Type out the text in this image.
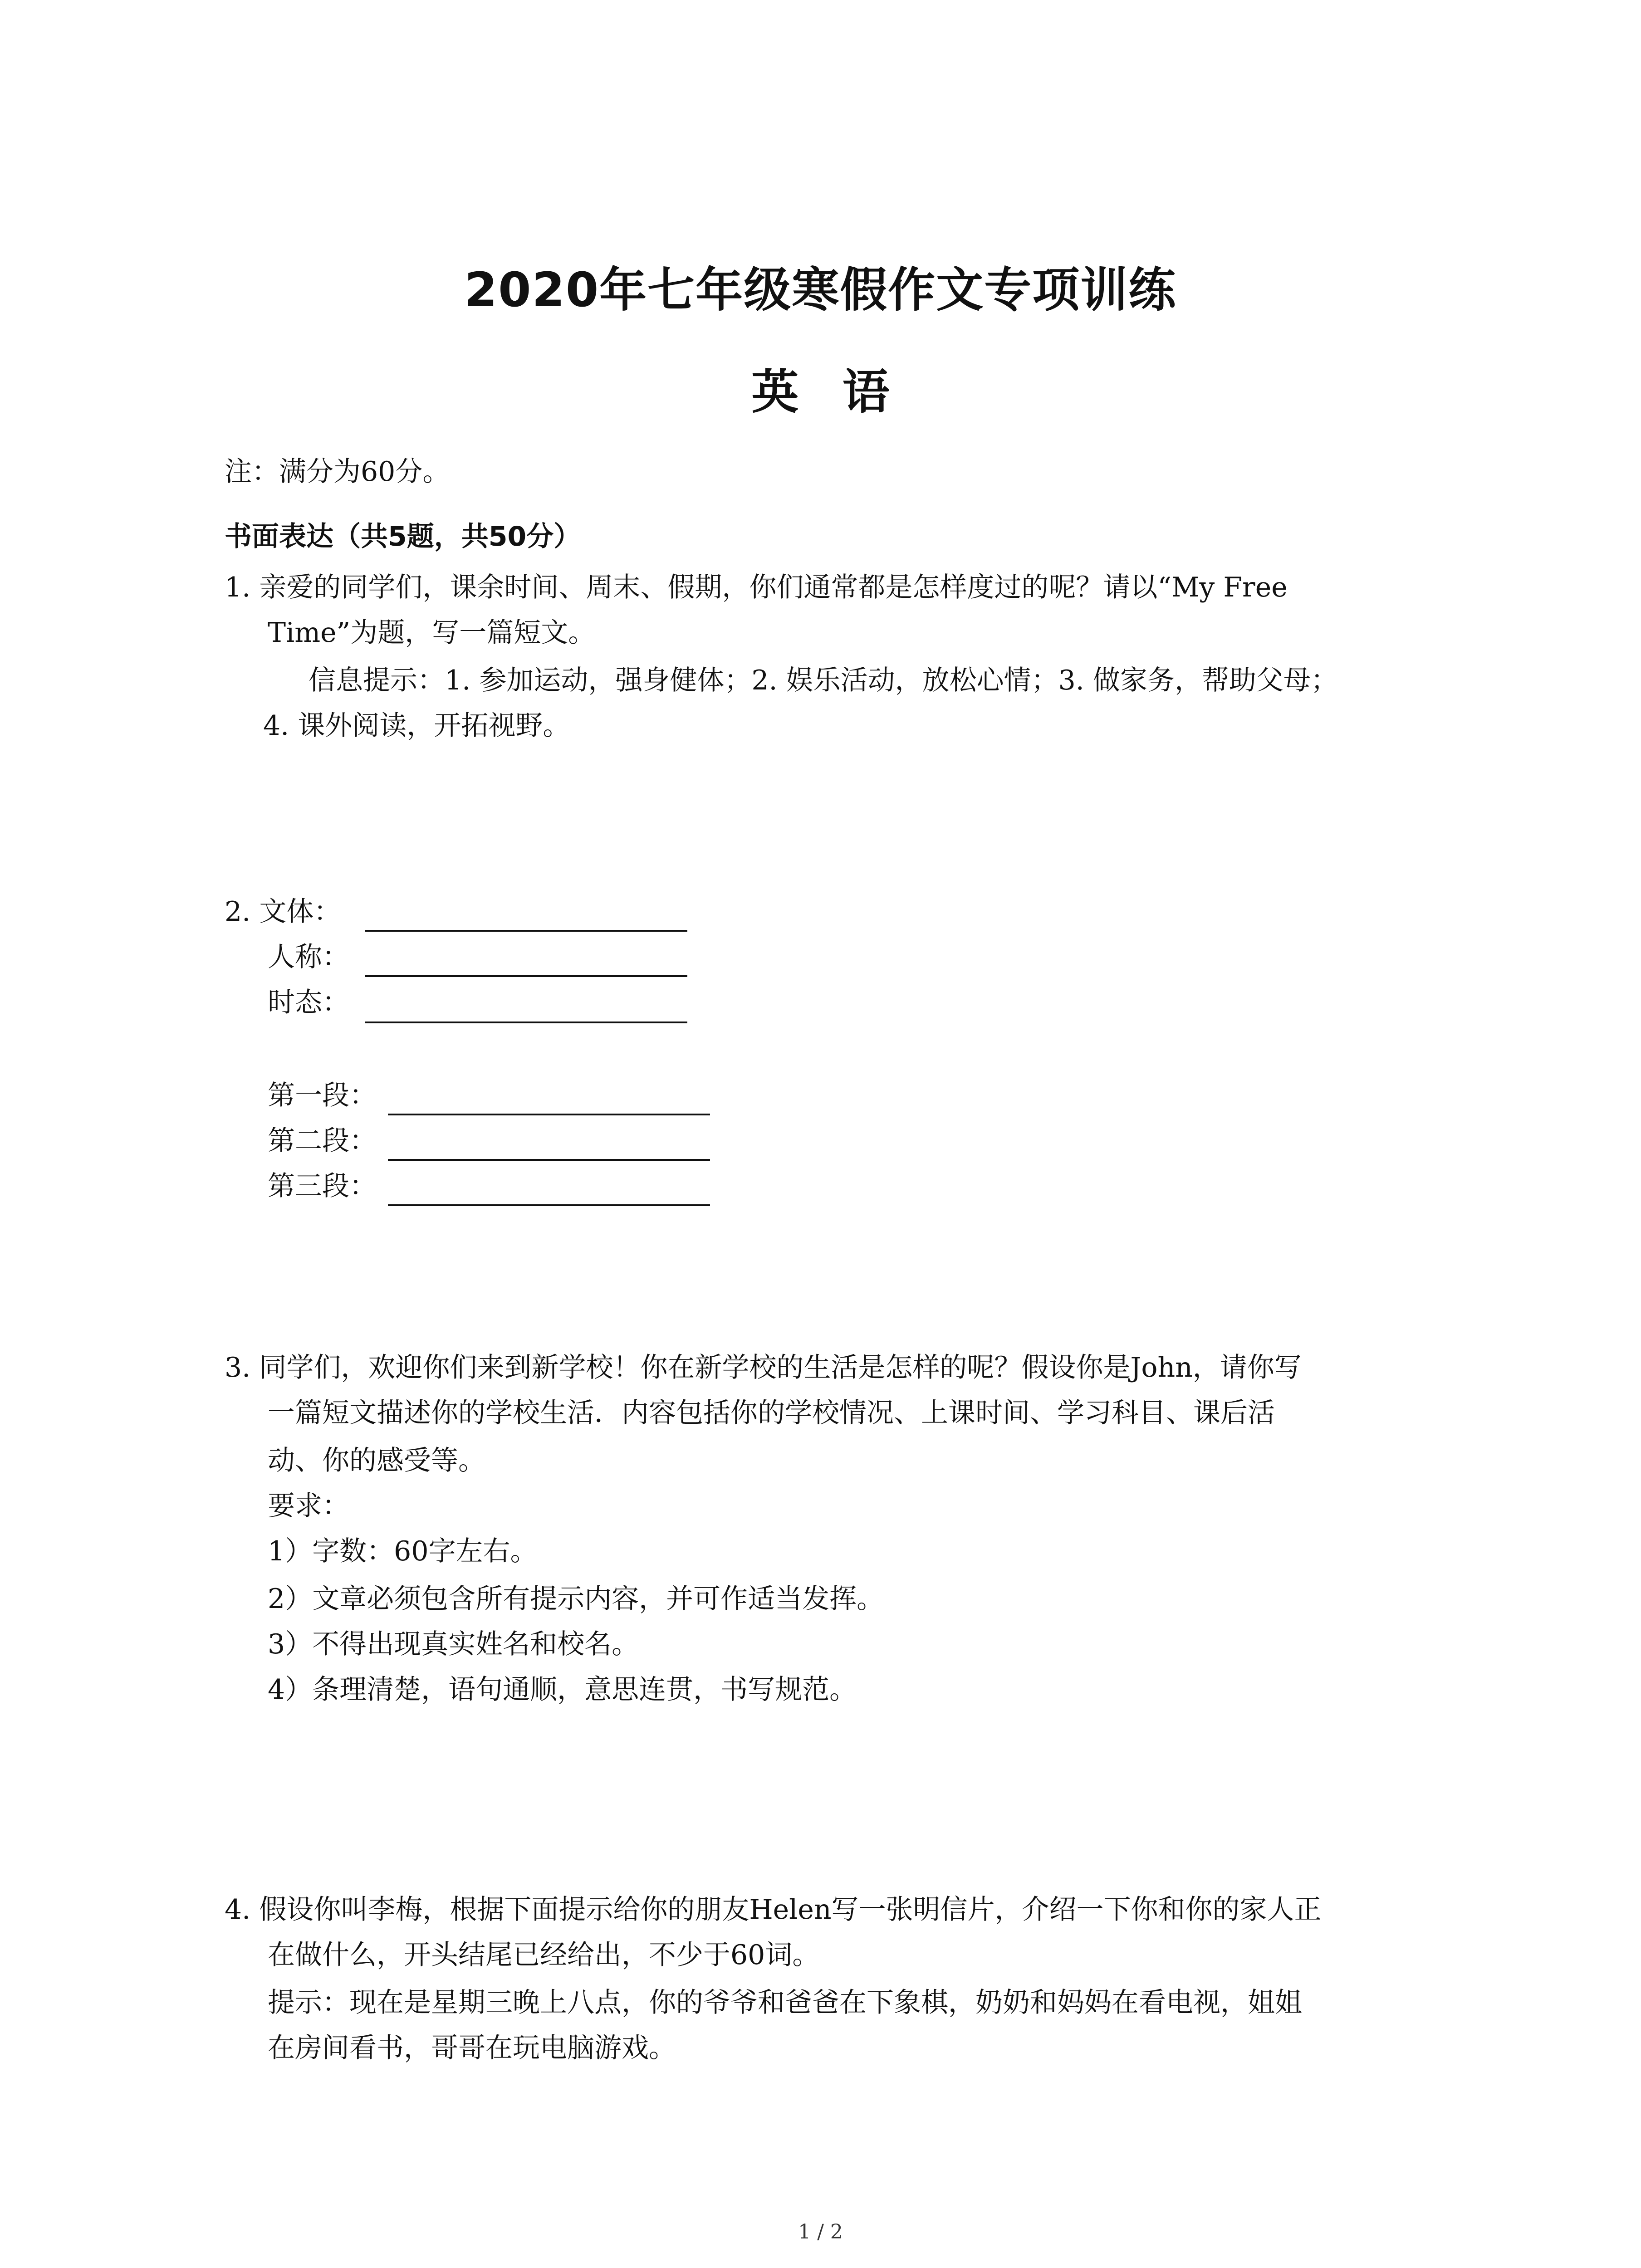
2020年七年级寒假作文专项训练
英 语
注：满分为60分。
书面表达（共5题，共50分）
1. 亲爱的同学们，课余时间、周末、假期，你们通常都是怎样度过的呢？请以“My Free
Time”为题，写一篇短文。
信息提示：1. 参加运动，强身健体；2. 娱乐活动，放松心情；3. 做家务，帮助父母；
4. 课外阅读，开拓视野。
2. 文体：
人称：
时态：
第一段：
第二段：
第三段：
3. 同学们，欢迎你们来到新学校！你在新学校的生活是怎样的呢？假设你是John，请你写
一篇短文描述你的学校生活．内容包括你的学校情况、上课时间、学习科目、课后活
动、你的感受等。
要求：
1）字数：60字左右。
2）文章必须包含所有提示内容，并可作适当发挥。
3）不得出现真实姓名和校名。
4）条理清楚，语句通顺，意思连贯，书写规范。
4. 假设你叫李梅，根据下面提示给你的朋友Helen写一张明信片，介绍一下你和你的家人正
在做什么，开头结尾已经给出，不少于60词。
提示：现在是星期三晚上八点，你的爷爷和爸爸在下象棋，奶奶和妈妈在看电视，姐姐
在房间看书，哥哥在玩电脑游戏。
1 / 2
